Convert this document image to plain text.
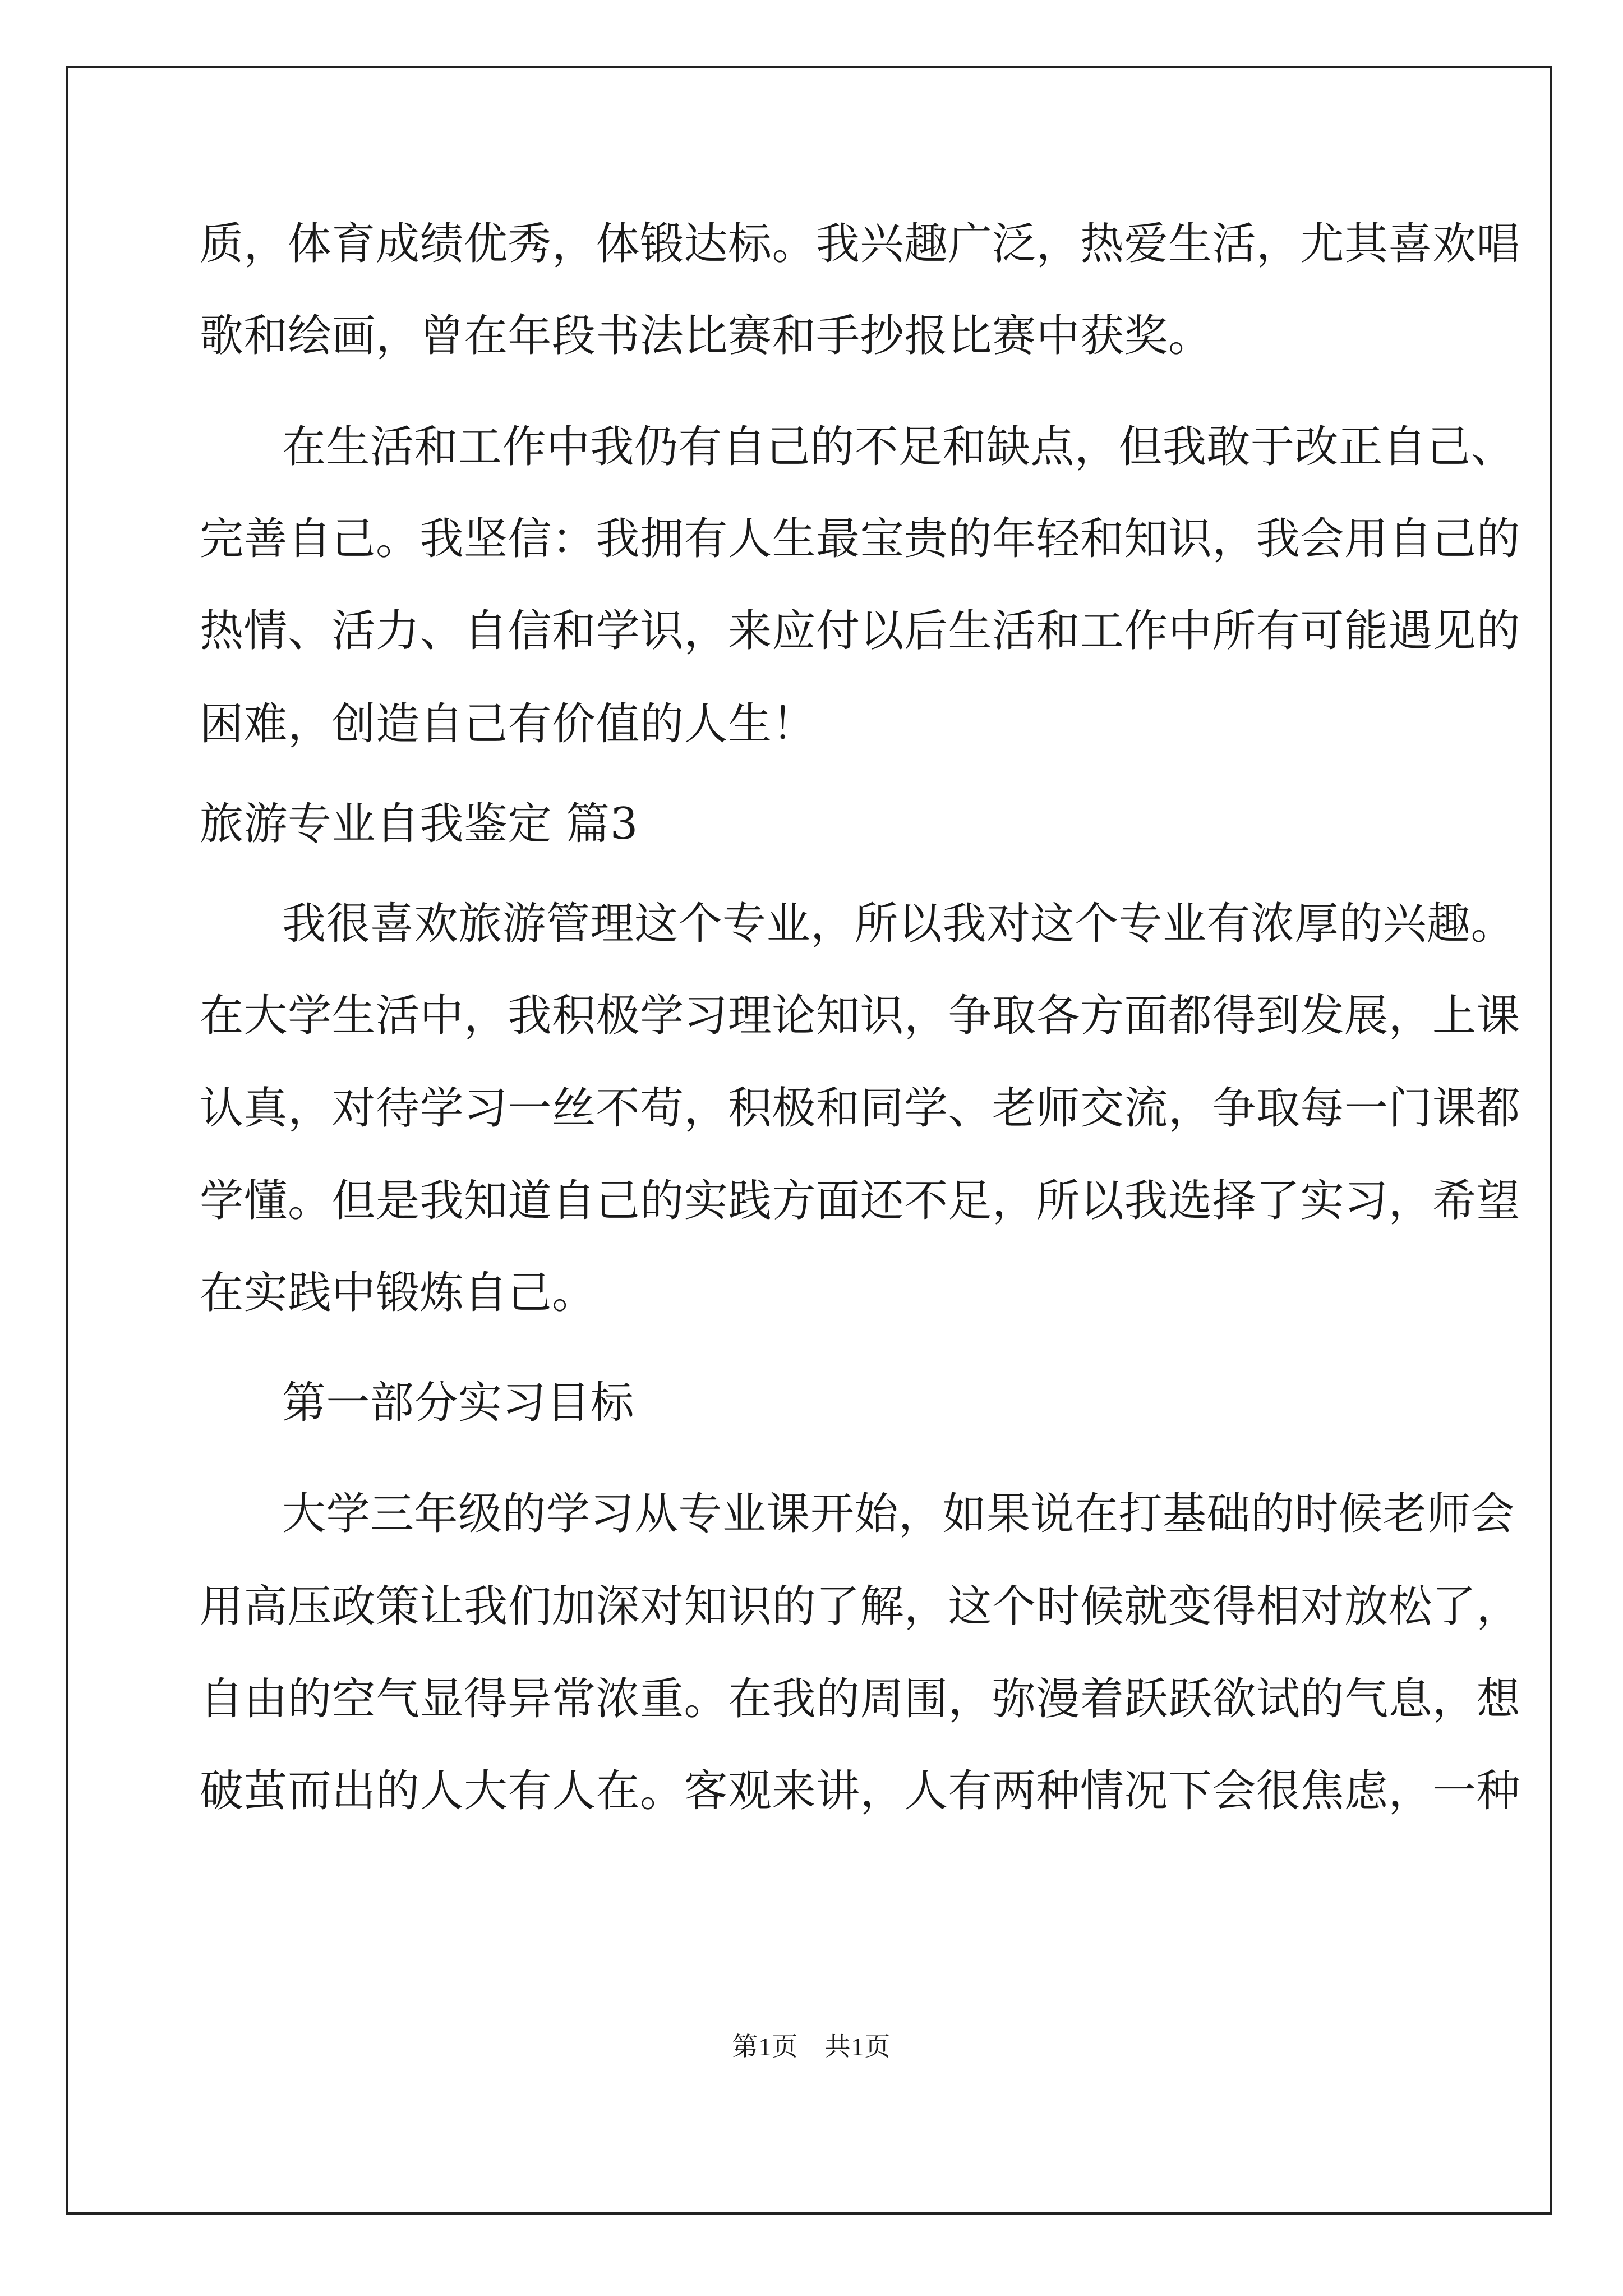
质，体育成绩优秀，体锻达标。我兴趣广泛，热爱生活，尤其喜欢唱
歌和绘画，曾在年段书法比赛和手抄报比赛中获奖。
在生活和工作中我仍有自己的不足和缺点，但我敢于改正自己、
完善自己。我坚信：我拥有人生最宝贵的年轻和知识，我会用自己的
热情、活力、自信和学识，来应付以后生活和工作中所有可能遇见的
困难，创造自己有价值的人生！
旅游专业自我鉴定 篇3
我很喜欢旅游管理这个专业，所以我对这个专业有浓厚的兴趣。
在大学生活中，我积极学习理论知识，争取各方面都得到发展，上课
认真，对待学习一丝不苟，积极和同学、老师交流，争取每一门课都
学懂。但是我知道自己的实践方面还不足，所以我选择了实习，希望
在实践中锻炼自己。
第一部分实习目标
大学三年级的学习从专业课开始，如果说在打基础的时候老师会
用高压政策让我们加深对知识的了解，这个时候就变得相对放松了，
自由的空气显得异常浓重。在我的周围，弥漫着跃跃欲试的气息，想
破茧而出的人大有人在。客观来讲，人有两种情况下会很焦虑，一种
第1页　共1页
